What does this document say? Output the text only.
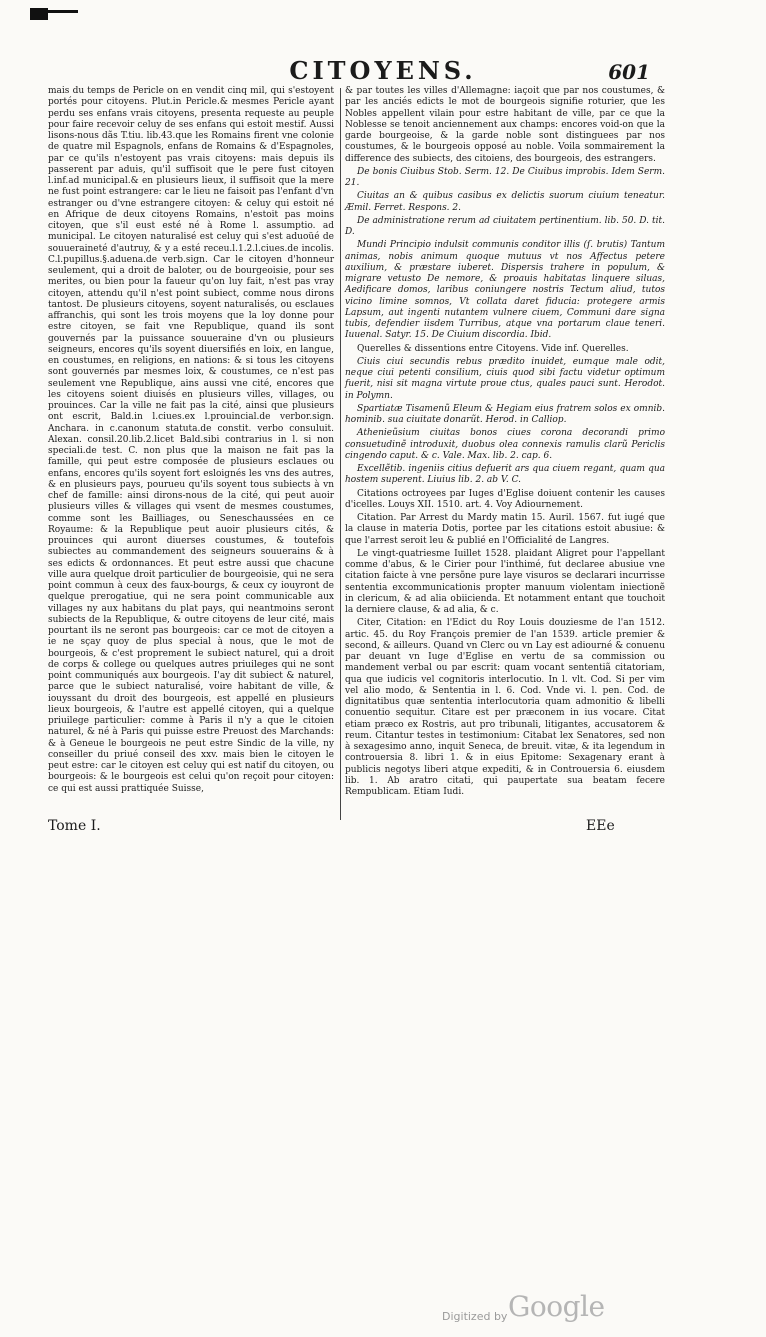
CITOYENS.	601

mais du temps de Pericle on en vendit cinq mil, qui s'estoyent portés pour citoyens. Plut.in Pericle.& mesmes Pericle ayant perdu ses enfans vrais citoyens, presenta requeste au peuple pour faire recevoir celuy de ses enfans qui estoit mestif. Aussi lisons-nous dãs T.tiu. lib.43.que les Romains firent vne colonie de quatre mil Espagnols, enfans de Romains & d'Espagnoles, par ce qu'ils n'estoyent pas vrais citoyens: mais depuis ils passerent par aduis, qu'il suffisoit que le pere fust citoyen l.inf.ad municipal.& en plusieurs lieux, il suffisoit que la mere ne fust point estrangere: car le lieu ne faisoit pas l'enfant d'vn estranger ou d'vne estrangere citoyen: & celuy qui estoit né en Afrique de deux citoyens Romains, n'estoit pas moins citoyen, que s'il eust esté né à Rome l. assumptio. ad municipal. Le citoyen naturalisé est celuy qui s'est aduoüé de souueraineté d'autruy, & y a esté receu.l.1.2.l.ciues.de incolis. C.l.pupillus.§.aduena.de verb.sign. Car le citoyen d'honneur seulement, qui a droit de baloter, ou de bourgeoisie, pour ses merites, ou bien pour la faueur qu'on luy fait, n'est pas vray citoyen, attendu qu'il n'est point subiect, comme nous dirons tantost. De plusieurs citoyens, soyent naturalisés, ou esclaues affranchis, qui sont les trois moyens que la loy donne pour estre citoyen, se fait vne Republique, quand ils sont gouvernés par la puissance souueraine d'vn ou plusieurs seigneurs, encores qu'ils soyent diuersifiés en loix, en langue, en coustumes, en religions, en nations: & si tous les citoyens sont gouvernés par mesmes loix, & coustumes, ce n'est pas seulement vne Republique, ains aussi vne cité, encores que les citoyens soient diuisés en plusieurs villes, villages, ou prouinces. Car la ville ne fait pas la cité, ainsi que plusieurs ont escrit, Bald.in l.ciues.ex l.prouincial.de verbor.sign. Anchara. in c.canonum statuta.de constit. verbo consuluit. Alexan. consil.20.lib.2.licet Bald.sibi contrarius in l. si non speciali.de test. C. non plus que la maison ne fait pas la famille, qui peut estre composée de plusieurs esclaues ou enfans, encores qu'ils soyent fort esloignés les vns des autres, & en plusieurs pays, pourueu qu'ils soyent tous subiects à vn chef de famille: ainsi dirons-nous de la cité, qui peut auoir plusieurs villes & villages qui vsent de mesmes coustumes, comme sont les Bailliages, ou Seneschaussées en ce Royaume: & la Republique peut auoir plusieurs cités, & prouinces qui auront diuerses coustumes, & toutefois subiectes au commandement des seigneurs souuerains & à ses edicts & ordonnances. Et peut estre aussi que chacune ville aura quelque droit particulier de bourgeoisie, qui ne sera point commun à ceux des faux-bourgs, & ceux cy iouyront de quelque prerogatiue, qui ne sera point communicable aux villages ny aux habitans du plat pays, qui neantmoins seront subiects de la Republique, & outre citoyens de leur cité, mais pourtant ils ne seront pas bourgeois: car ce mot de citoyen a ie ne sçay quoy de plus special à nous, que le mot de bourgeois, & c'est proprement le subiect naturel, qui a droit de corps & college ou quelques autres priuileges qui ne sont point communiqués aux bourgeois. I'ay dit subiect & naturel, parce que le subiect naturalisé, voire habitant de ville, & iouyssant du droit des bourgeois, est appellé en plusieurs lieux bourgeois, & l'autre est appellé citoyen, qui a quelque priuilege particulier: comme à Paris il n'y a que le citoien naturel, & né à Paris qui puisse estre Preuost des Marchands: & à Geneue le bourgeois ne peut estre Sindic de la ville, ny conseiller du priué conseil des xxv. mais bien le citoyen le peut estre: car le citoyen est celuy qui est natif du citoyen, ou bourgeois: & le bourgeois est celui qu'on reçoit pour citoyen: ce qui est aussi prattiquée Suisse,

& par toutes les villes d'Allemagne: iaçoit que par nos coustumes, & par les anciés edicts le mot de bourgeois signifie roturier, que les Nobles appellent vilain pour estre habitant de ville, par ce que la Noblesse se tenoit anciennement aux champs: encores void-on que la garde bourgeoise, & la garde noble sont distinguees par nos coustumes, & le bourgeois opposé au noble. Voila sommairement la difference des subiects, des citoiens, des bourgeois, des estrangers.

De bonis Ciuibus Stob. Serm. 12. De Ciuibus improbis. Idem Serm. 21.

Ciuitas an & quibus casibus ex delictis suorum ciuium teneatur. Æmil. Ferret. Respons. 2.

De administratione rerum ad ciuitatem pertinentium. lib. 50. D. tit. D.

Mundi Principio indulsit communis conditor illis (ſ. brutis) Tantum animas, nobis animum quoque mutuus vt nos Affectus petere auxilium, & præstare iuberet. Dispersis trahere in populum, & migrare vetusto De nemore, & proauis habitatas linquere siluas, Aedificare domos, laribus coniungere nostris Tectum aliud, tutos vicino limine somnos, Vt collata daret fiducia: protegere armis Lapsum, aut ingenti nutantem vulnere ciuem, Communi dare signa tubis, defendier iisdem Turribus, atque vna portarum claue teneri. Iuuenal. Satyr. 15. De Ciuium discordia. Ibid.

Querelles & dissentions entre Citoyens. Vide inf. Querelles.

Ciuis ciui secundis rebus prædito inuidet, eumque male odit, neque ciui petenti consilium, ciuis quod sibi factu videtur optimum fuerit, nisi sit magna virtute proue ctus, quales pauci sunt. Herodot. in Polymn.

Spartiatæ Tisamenũ Eleum & Hegiam eius fratrem solos ex omnib. hominib. sua ciuitate donarũt. Herod. in Calliop.

Athenieũsium ciuitas bonos ciues corona decorandi primo consuetudinẽ introduxit, duobus olea connexis ramulis clarũ Periclis cingendo caput. & c. Vale. Max. lib. 2. cap. 6.

Excellẽtib. ingeniis citius defuerit ars qua ciuem regant, quam qua hostem superent. Liuius lib. 2. ab V. C.

Citations octroyees par Iuges d'Eglise doiuent contenir les causes d'icelles. Louys XII. 1510. art. 4. Voy Adiournement.

Citation. Par Arrest du Mardy matin 15. Auril. 1567. fut iugé que la clause in materia Dotis, portee par les citations estoit abusiue: & que l'arrest seroit leu & publié en l'Officialité de Langres.

Le vingt-quatriesme Iuillet 1528. plaidant Aligret pour l'appellant comme d'abus, & le Cirier pour l'inthimé, fut declaree abusiue vne citation faicte à vne persõne pure laye visuros se declarari incurrisse sententia excommunicationis propter manuum violentam iniectionẽ in clericum, & ad alia obiicienda. Et notamment entant que touchoit la derniere clause, & ad alia, & c.

Citer, Citation: en l'Edict du Roy Louis douziesme de l'an 1512. artic. 45. du Roy François premier de l'an 1539. article premier & second, & ailleurs. Quand vn Clerc ou vn Lay est adiourné & conuenu par deuant vn Iuge d'Eglise en vertu de sa commission ou mandement verbal ou par escrit: quam vocant sententiã citatoriam, qua que iudicis vel cognitoris interlocutio. In l. vlt. Cod. Si per vim vel alio modo, & Sententia in l. 6. Cod. Vnde vi. l. pen. Cod. de dignitatibus quæ sententia interlocutoria quam admonitio & libelli conuentio sequitur. Citare est per præconem in ius vocare. Citat etiam præco ex Rostris, aut pro tribunali, litigantes, accusatorem & reum. Citantur testes in testimonium: Citabat lex Senatores, sed non à sexagesimo anno, inquit Seneca, de breuit. vitæ, & ita legendum in controuersia 8. libri 1. & in eius Epitome: Sexagenary erant à publicis negotys liberi atque expediti, & in Controuersia 6. eiusdem lib. 1. Ab aratro citati, qui paupertate sua beatam fecere Rempublicam. Etiam Iudi.

Tome I.	EEe
Digitized by Google
